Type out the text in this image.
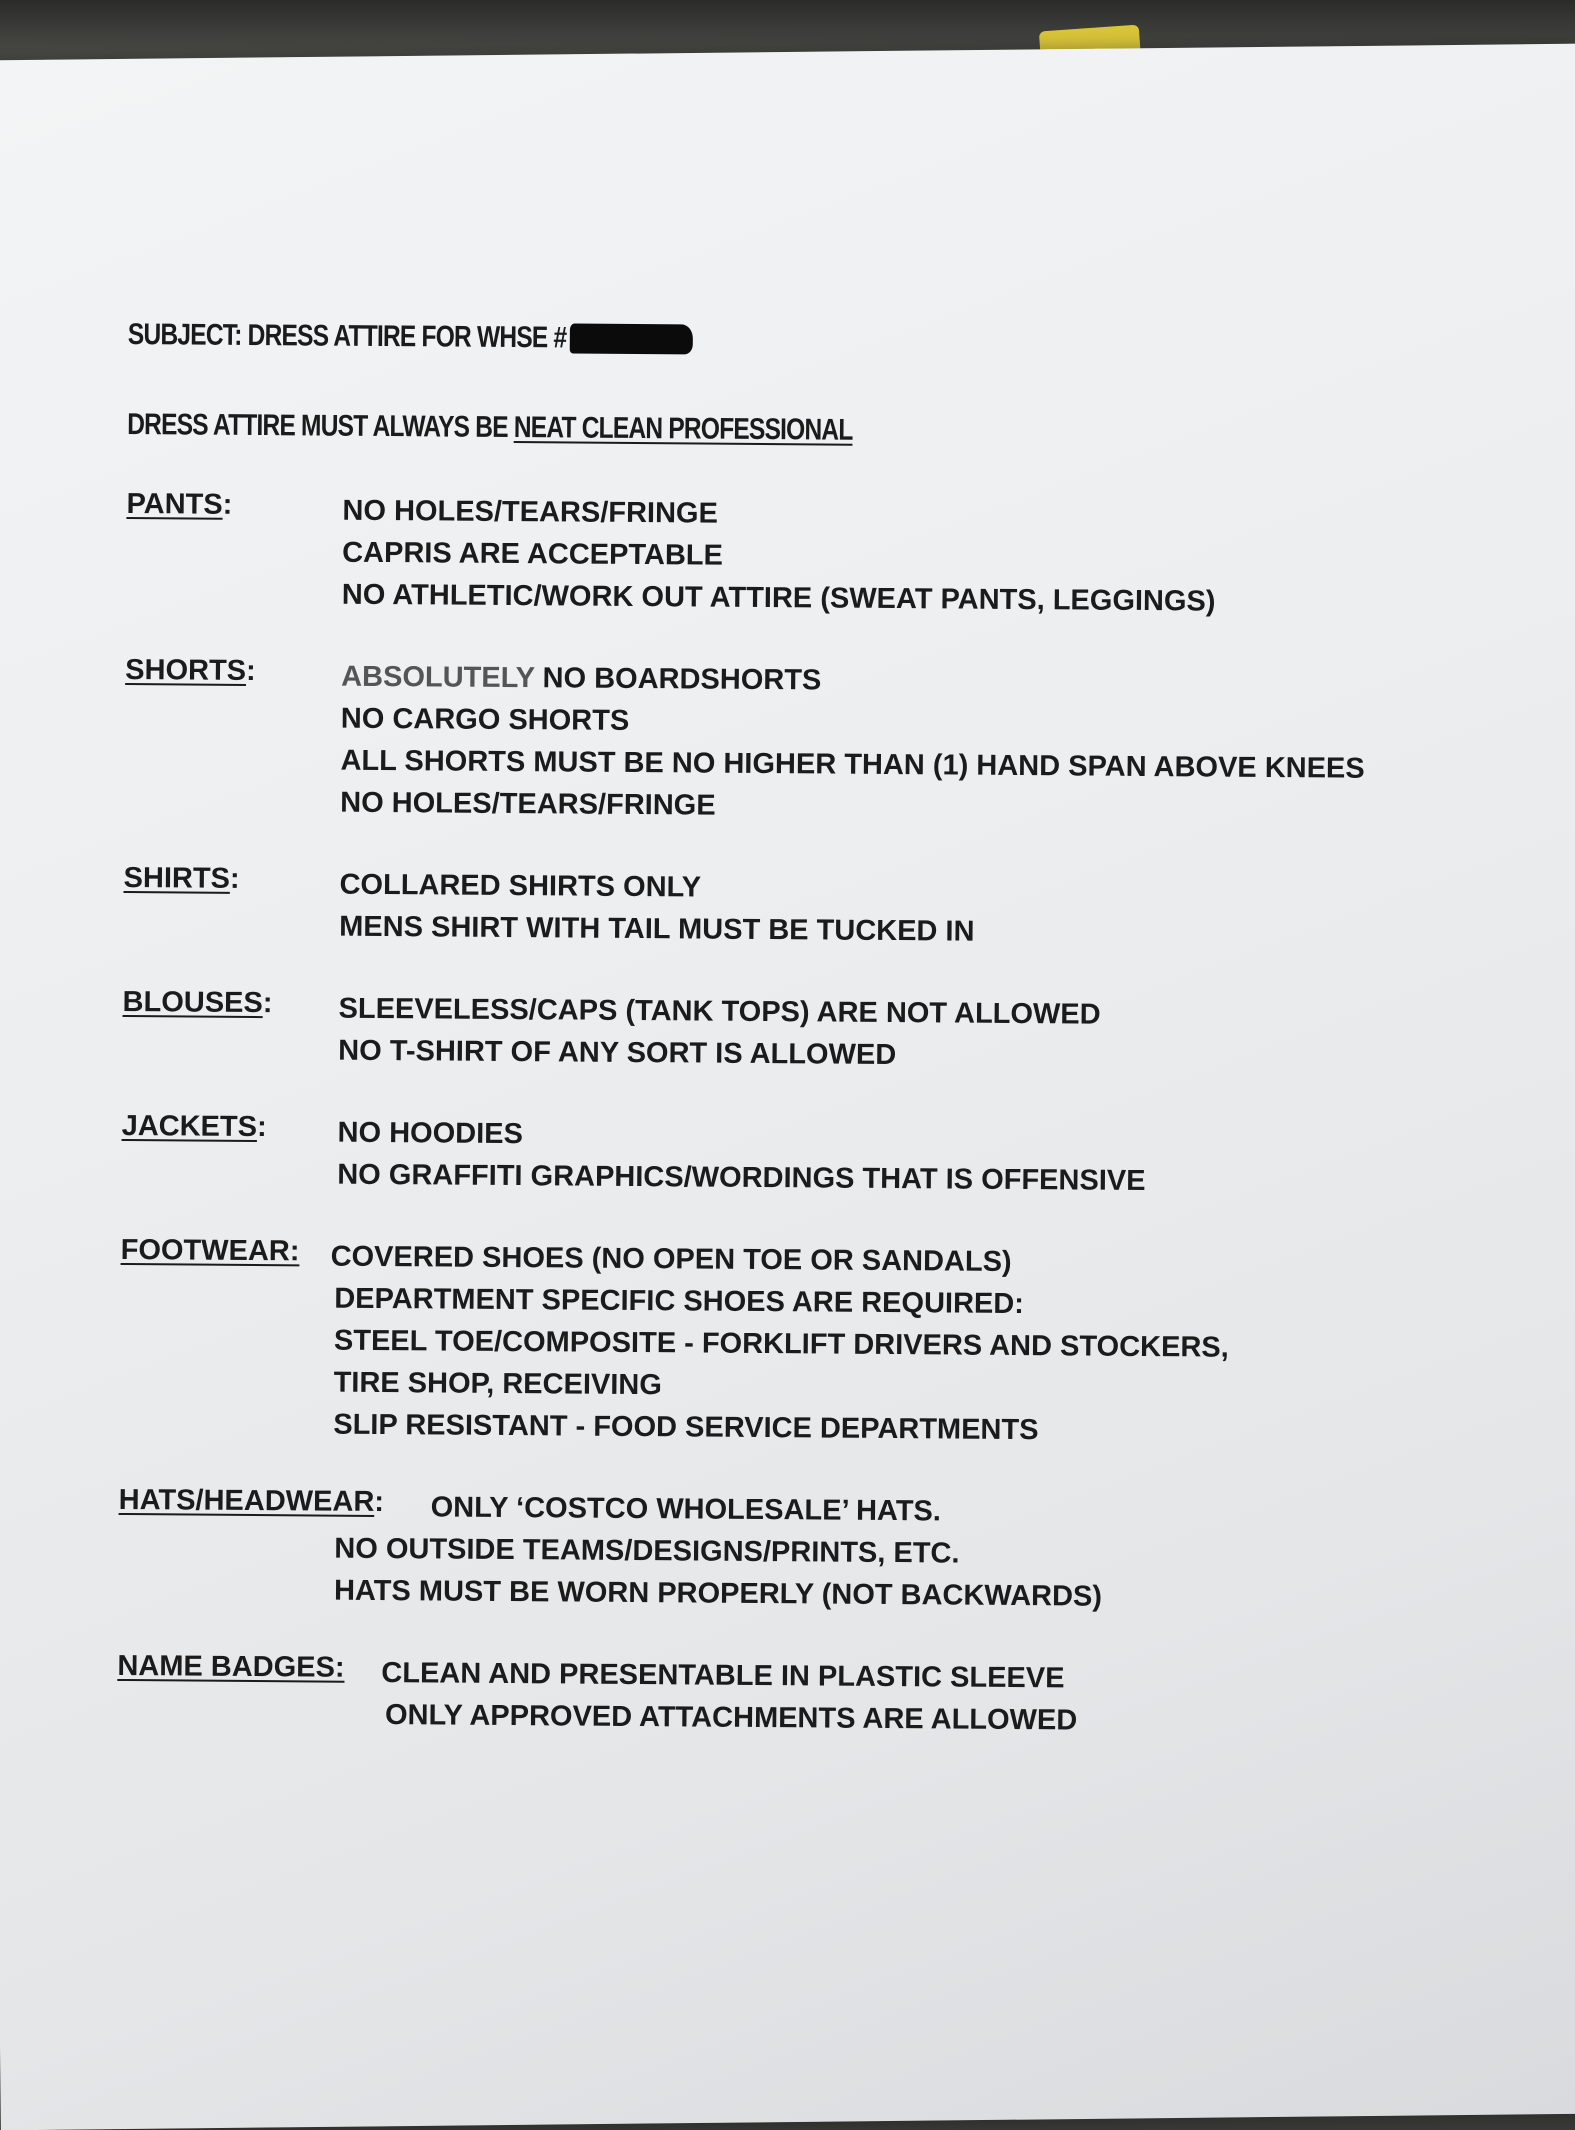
SUBJECT: DRESS ATTIRE FOR WHSE #
DRESS ATTIRE MUST ALWAYS BE NEAT CLEAN PROFESSIONAL
PANTS:	NO HOLES/TEARS/FRINGE
CAPRIS ARE ACCEPTABLE
NO ATHLETIC/WORK OUT ATTIRE (SWEAT PANTS, LEGGINGS)
SHORTS:	ABSOLUTELY NO BOARDSHORTS
NO CARGO SHORTS
ALL SHORTS MUST BE NO HIGHER THAN (1) HAND SPAN ABOVE KNEES
NO HOLES/TEARS/FRINGE
SHIRTS:	COLLARED SHIRTS ONLY
MENS SHIRT WITH TAIL MUST BE TUCKED IN
BLOUSES:	SLEEVELESS/CAPS (TANK TOPS) ARE NOT ALLOWED
NO T-SHIRT OF ANY SORT IS ALLOWED
JACKETS:	NO HOODIES
NO GRAFFITI GRAPHICS/WORDINGS THAT IS OFFENSIVE
FOOTWEAR:	COVERED SHOES (NO OPEN TOE OR SANDALS)
DEPARTMENT SPECIFIC SHOES ARE REQUIRED:
STEEL TOE/COMPOSITE - FORKLIFT DRIVERS AND STOCKERS,
TIRE SHOP, RECEIVING
SLIP RESISTANT - FOOD SERVICE DEPARTMENTS
HATS/HEADWEAR:	ONLY ‘COSTCO WHOLESALE’ HATS.
NO OUTSIDE TEAMS/DESIGNS/PRINTS, ETC.
HATS MUST BE WORN PROPERLY (NOT BACKWARDS)
NAME BADGES:	CLEAN AND PRESENTABLE IN PLASTIC SLEEVE
ONLY APPROVED ATTACHMENTS ARE ALLOWED
